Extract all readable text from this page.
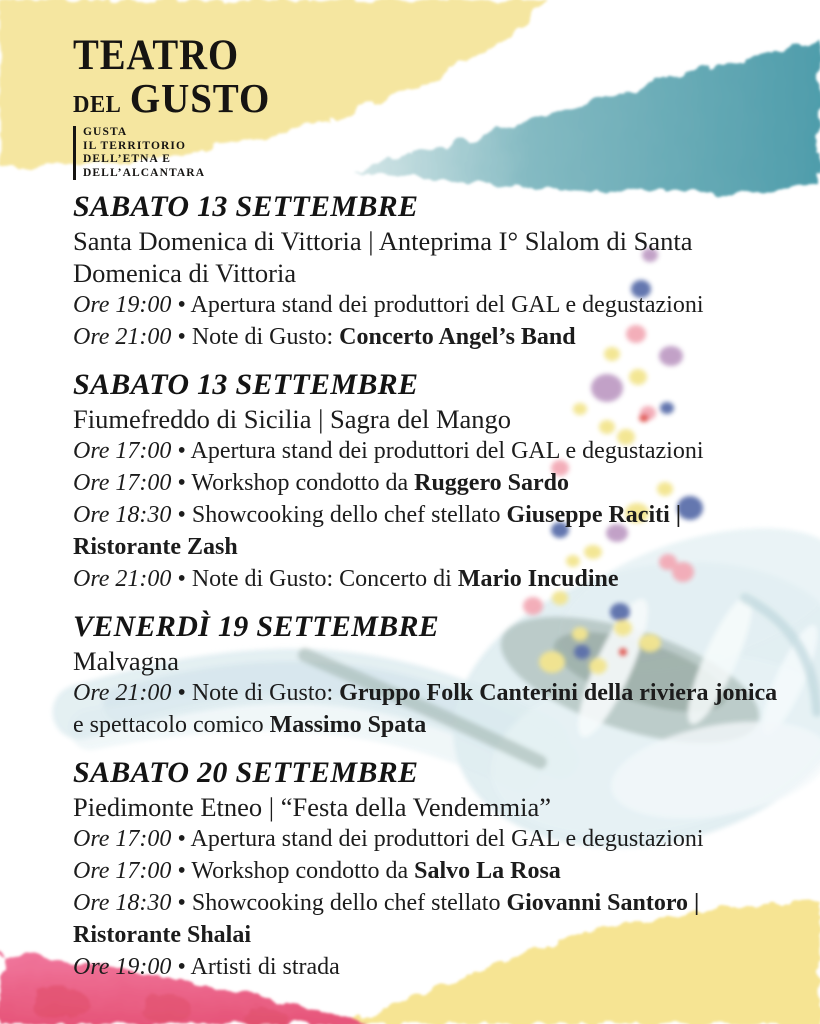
TEATRO
DEL GUSTO
GUSTA
IL TERRITORIO
DELL’ETNA E
DELL’ALCANTARA
SABATO 13 SETTEMBRE

Santa Domenica di Vittoria | Anteprima I° Slalom di Santa Domenica di Vittoria

Ore 19:00 • Apertura stand dei produttori del GAL e degustazioni

Ore 21:00 • Note di Gusto: Concerto Angel’s Band

SABATO 13 SETTEMBRE

Fiumefreddo di Sicilia | Sagra del Mango

Ore 17:00 • Apertura stand dei produttori del GAL e degustazioni

Ore 17:00 • Workshop condotto da Ruggero Sardo

Ore 18:30 • Showcooking dello chef stellato Giuseppe Raciti | Ristorante Zash

Ore 21:00 • Note di Gusto: Concerto di Mario Incudine

VENERDÌ 19 SETTEMBRE

Malvagna

Ore 21:00 • Note di Gusto: Gruppo Folk Canterini della riviera jonica e spettacolo comico Massimo Spata

SABATO 20 SETTEMBRE

Piedimonte Etneo | “Festa della Vendemmia”

Ore 17:00 • Apertura stand dei produttori del GAL e degustazioni

Ore 17:00 • Workshop condotto da Salvo La Rosa

Ore 18:30 • Showcooking dello chef stellato Giovanni Santoro | Ristorante Shalai

Ore 19:00 • Artisti di strada
